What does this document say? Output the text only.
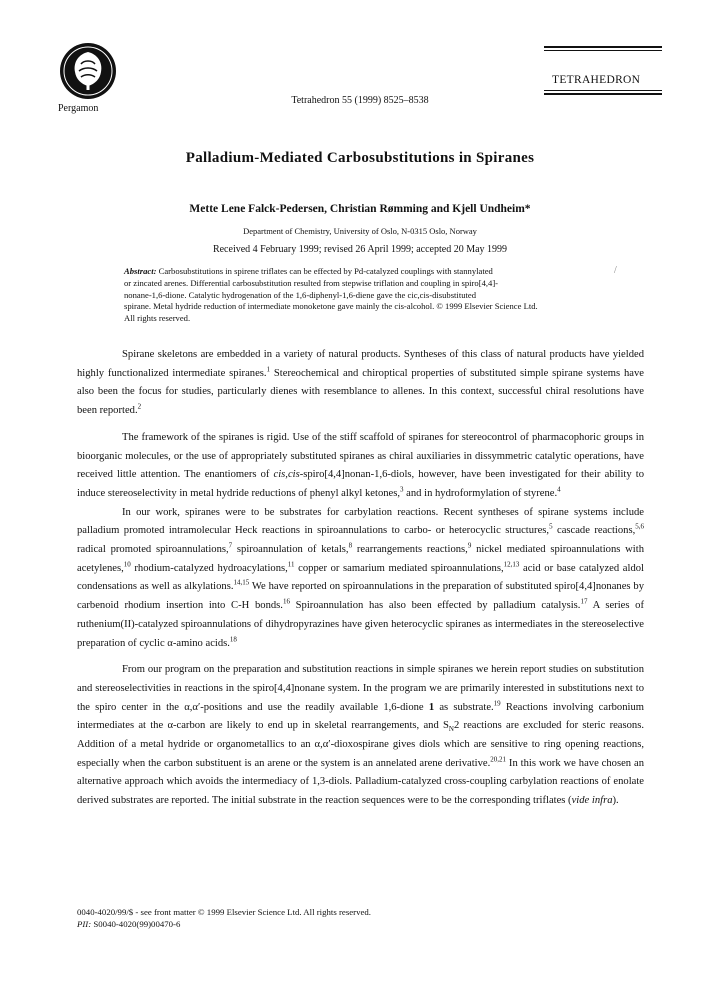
Pergamon
Tetrahedron 55 (1999) 8525–8538
TETRAHEDRON
Palladium-Mediated Carbosubstitutions in Spiranes
Mette Lene Falck-Pedersen, Christian Rømming and Kjell Undheim*
Department of Chemistry, University of Oslo, N-0315 Oslo, Norway
Received 4 February 1999; revised 26 April 1999; accepted 20 May 1999
/
Abstract: Carbosubstitutions in spirene triflates can be effected by Pd-catalyzed couplings with stannylated
or zincated arenes. Differential carbosubstitution resulted from stepwise triflation and coupling in spiro[4,4]-
nonane-1,6-dione. Catalytic hydrogenation of the 1,6-diphenyl-1,6-diene gave the cic,cis-disubstituted
spirane. Metal hydride reduction of intermediate monoketone gave mainly the cis-alcohol. © 1999 Elsevier Science Ltd.
All rights reserved.

Spirane skeletons are embedded in a variety of natural products. Syntheses of this class of natural products have yielded highly functionalized intermediate spiranes.$^1$ Stereochemical and chiroptical properties of substituted simple spirane systems have also been the focus for studies, particularly dienes with resemblance to allenes. In this context, successful chiral resolutions have been reported.$^2$

The framework of the spiranes is rigid. Use of the stiff scaffold of spiranes for stereocontrol of pharmacophoric groups in bioorganic molecules, or the use of appropriately substituted spiranes as chiral auxiliaries in dissymmetric catalytic operations, have received little attention. The enantiomers of cis,cis-spiro[4,4]nonan-1,6-diols, however, have been investigated for their ability to induce stereoselectivity in metal hydride reductions of phenyl alkyl ketones,$^3$ and in hydroformylation of styrene.$^4$

In our work, spiranes were to be substrates for carbylation reactions. Recent syntheses of spirane systems include palladium promoted intramolecular Heck reactions in spiroannulations to carbo- or heterocyclic structures,$^5$ cascade reactions,$^{5,6}$ radical promoted spiroannulations,$^7$ spiroannulation of ketals,$^8$ rearrangements reactions,$^9$ nickel mediated spiroannulations with acetylenes,$^{10}$ rhodium-catalyzed hydroacylations,$^{11}$ copper or samarium mediated spiroannulations,$^{12,13}$ acid or base catalyzed aldol condensations as well as alkylations.$^{14,15}$ We have reported on spiroannulations in the preparation of substituted spiro[4,4]nonanes by carbenoid rhodium insertion into C-H bonds.$^{16}$ Spiroannulation has also been effected by palladium catalysis.$^{17}$ A series of ruthenium(II)-catalyzed spiroannulations of dihydropyrazines have given heterocyclic spiranes as intermediates in the stereoselective preparation of cyclic α-amino acids.$^{18}$

From our program on the preparation and substitution reactions in simple spiranes we herein report studies on substitution and stereoselectivities in reactions in the spiro[4,4]nonane system. In the program we are primarily interested in substitutions next to the spiro center in the α,α′-positions and use the readily available 1,6-dione 1 as substrate.$^{19}$ Reactions involving carbonium intermediates at the α-carbon are likely to end up in skeletal rearrangements, and $S_N2$ reactions are excluded for steric reasons. Addition of a metal hydride or organometallics to an α,α′-dioxospirane gives diols which are sensitive to ring opening reactions, especially when the carbon substituent is an arene or the system is an annelated arene derivative.$^{20,21}$ In this work we have chosen an alternative approach which avoids the intermediacy of 1,3-diols. Palladium-catalyzed cross-coupling carbylation reactions of enolate derived substrates are reported. The initial substrate in the reaction sequences were to be the corresponding triflates (vide infra).

0040-4020/99/$ - see front matter © 1999 Elsevier Science Ltd. All rights reserved.
PII: S0040-4020(99)00470-6
